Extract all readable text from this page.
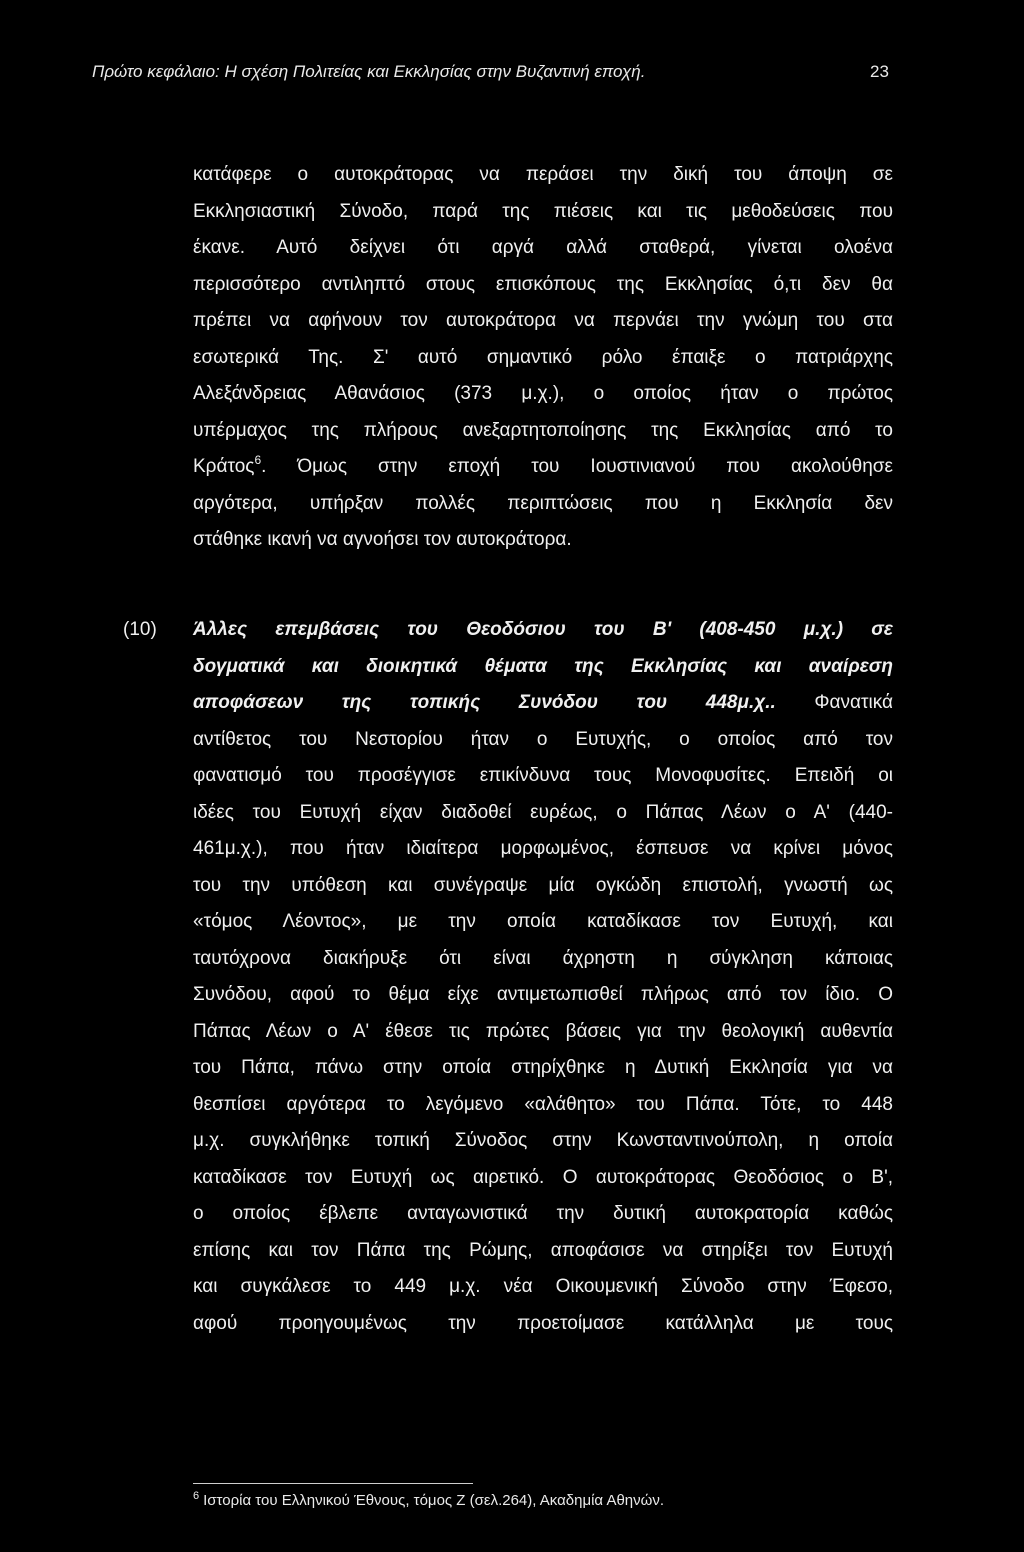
Πρώτο κεφάλαιο: Η σχέση Πολιτείας και Εκκλησίας στην Βυζαντινή εποχή.	23
κατάφερε ο αυτοκράτορας να περάσει την δική του άποψη σε
Εκκλησιαστική Σύνοδο, παρά της πιέσεις και τις μεθοδεύσεις που
έκανε. Αυτό δείχνει ότι αργά αλλά σταθερά, γίνεται ολοένα
περισσότερο αντιληπτό στους επισκόπους της Εκκλησίας ό,τι δεν θα
πρέπει να αφήνουν τον αυτοκράτορα να περνάει την γνώμη του στα
εσωτερικά Της. Σ' αυτό σημαντικό ρόλο έπαιξε ο πατριάρχης
Αλεξάνδρειας Αθανάσιος (373 μ.χ.), ο οποίος ήταν ο πρώτος
υπέρμαχος της πλήρους ανεξαρτητοποίησης της Εκκλησίας από το
Κράτος$^6$. Όμως στην εποχή του Ιουστινιανού που ακολούθησε
αργότερα, υπήρξαν πολλές περιπτώσεις που η Εκκλησία δεν
στάθηκε ικανή να αγνοήσει τον αυτοκράτορα.
(10) Άλλες επεμβάσεις του Θεοδόσιου του Β' (408-450 μ.χ.) σε
δογματικά και διοικητικά θέματα της Εκκλησίας και αναίρεση
αποφάσεων της τοπικής Συνόδου του 448μ.χ.. Φανατικά
αντίθετος του Νεστορίου ήταν ο Ευτυχής, ο οποίος από τον
φανατισμό του προσέγγισε επικίνδυνα τους Μονοφυσίτες. Επειδή οι
ιδέες του Ευτυχή είχαν διαδοθεί ευρέως, ο Πάπας Λέων ο Α' (440-
461μ.χ.), που ήταν ιδιαίτερα μορφωμένος, έσπευσε να κρίνει μόνος
του την υπόθεση και συνέγραψε μία ογκώδη επιστολή, γνωστή ως
«τόμος Λέοντος», με την οποία καταδίκασε τον Ευτυχή, και
ταυτόχρονα διακήρυξε ότι είναι άχρηστη η σύγκληση κάποιας
Συνόδου, αφού το θέμα είχε αντιμετωπισθεί πλήρως από τον ίδιο. Ο
Πάπας Λέων ο Α' έθεσε τις πρώτες βάσεις για την θεολογική αυθεντία
του Πάπα, πάνω στην οποία στηρίχθηκε η Δυτική Εκκλησία για να
θεσπίσει αργότερα το λεγόμενο «αλάθητο» του Πάπα. Τότε, το 448
μ.χ. συγκλήθηκε τοπική Σύνοδος στην Κωνσταντινούπολη, η οποία
καταδίκασε τον Ευτυχή ως αιρετικό. Ο αυτοκράτορας Θεοδόσιος ο Β',
ο οποίος έβλεπε ανταγωνιστικά την δυτική αυτοκρατορία καθώς
επίσης και τον Πάπα της Ρώμης, αποφάσισε να στηρίξει τον Ευτυχή
και συγκάλεσε το 449 μ.χ. νέα Οικουμενική Σύνοδο στην Έφεσο,
αφού προηγουμένως την προετοίμασε κατάλληλα με τους
$^6$ Ιστορία του Ελληνικού Έθνους, τόμος Ζ (σελ.264), Ακαδημία Αθηνών.
